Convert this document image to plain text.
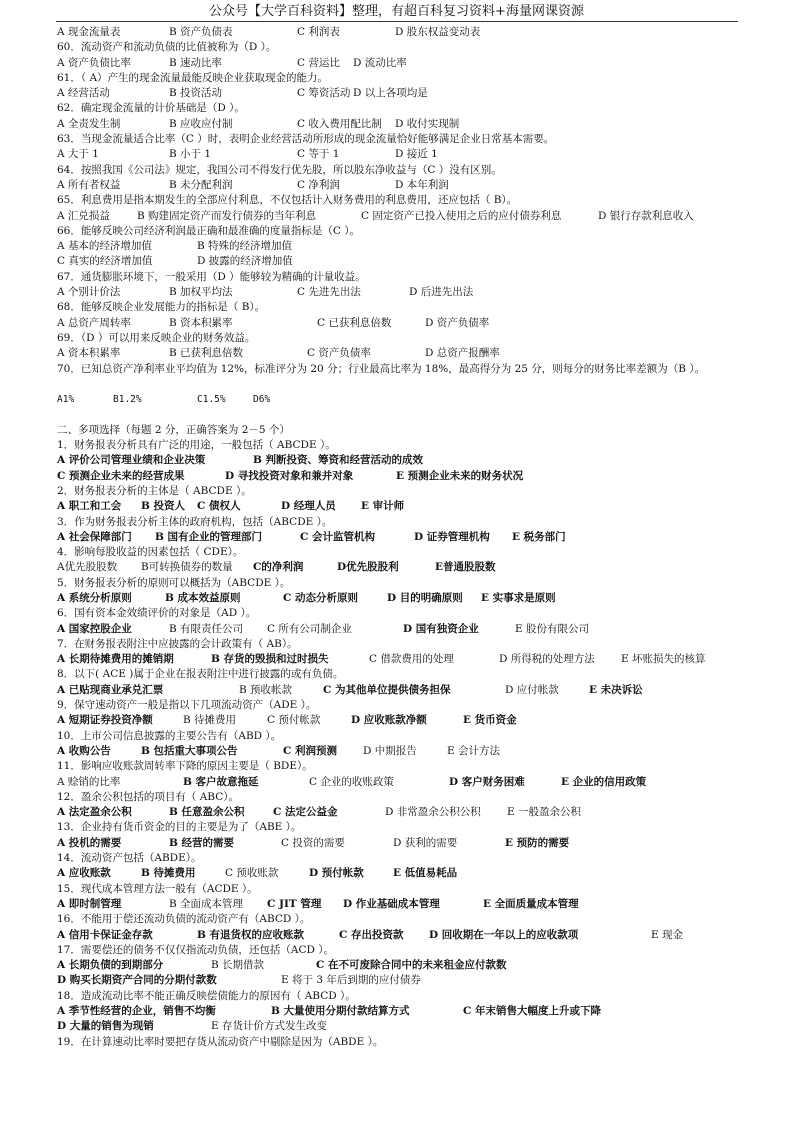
公众号【大学百科资料】整理，有超百科复习资料+海量网课资源
A 现金流量表	B 资产负债表	C 利润表	D 股东权益变动表
60．流动资产和流动负债的比值被称为（D ）。
A 资产负债比率	B 速动比率	C 营运比 D 流动比率
61．（ A）产生的现金流量最能反映企业获取现金的能力。
A 经营活动	B 投资活动	C 筹资活动 D 以上各项均是
62．确定现金流量的计价基础是（D ）。
A 全责发生制	B 应收应付制	C 收入费用配比制 D 收付实现制
63．当现金流量适合比率（C ）时，表明企业经营活动所形成的现金流量恰好能够满足企业日常基本需要。
A 大于 1	B 小于 1	C 等于 1	D 接近 1
64．按照我国《公司法》规定，我国公司不得发行优先股，所以股东净收益与（C ）没有区别。
A 所有者权益	B 未分配利润	C 净利润	D 本年利润
65．利息费用是指本期发生的全部应付利息，不仅包括计入财务费用的利息费用，还应包括（ B）。
A 汇兑损益	B 购建固定资产而发行债券的当年利息	C 固定资产已投入使用之后的应付债券利息	D 银行存款利息收入
66．能够反映公司经济利润最正确和最准确的度量指标是（C ）。
A 基本的经济增加值	B 特殊的经济增加值
C 真实的经济增加值	D 披露的经济增加值
67．通货膨胀环境下，一般采用（D ）能够较为精确的计量收益。
A 个别计价法	B 加权平均法	C 先进先出法	D 后进先出法
68．能够反映企业发展能力的指标是（ B）。
A 总资产周转率	B 资本积累率	C 已获利息倍数	D 资产负债率
69．（D ）可以用来反映企业的财务效益。
A 资本积累率	B 已获利息倍数	C 资产负债率	D 总资产报酬率
70．已知总资产净利率业平均值为 12%，标准评分为 20 分；行业最高比率为 18%，最高得分为 25 分，则每分的财务比率差额为（B ）。
A1%	B1.2%	C1.5%	D6%
二、多项选择（每题 2 分，正确答案为 2－5 个）
1．财务报表分析具有广泛的用途，一般包括（ ABCDE ）。
A 评价公司管理业绩和企业决策	B 判断投资、筹资和经营活动的成效
C 预测企业未来的经营成果	D 寻找投资对象和兼并对象	E 预测企业未来的财务状况
2．财务报表分析的主体是（ ABCDE ）。
A 职工和工会 B 投资人 C 债权人	D 经理人员 E 审计师
3．作为财务报表分析主体的政府机构，包括（ABCDE ）。
A 社会保障部门 B 国有企业的管理部门	C 会计监管机构	D 证券管理机构 E 税务部门
4．影响每股收益的因素包括（ CDE）。
A优先股股数 B可转换债券的数量 C的净利润	D优先股股利	E普通股股数
5．财务报表分析的原则可以概括为（ABCDE ）。
A 系统分析原则	B 成本效益原则	C 动态分析原则	D 目的明确原则 E 实事求是原则
6．国有资本金效绩评价的对象是（AD ）。
A 国家控股企业	B 有限责任公司 C 所有公司制企业	D 国有独资企业	E 股份有限公司
7．在财务报表附注中应披露的会计政策有（ AB）。
A 长期待摊费用的摊销期	B 存货的毁损和过时损失	C 借款费用的处理	D 所得税的处理方法 E 坏账损失的核算
8．以下( ACE )属于企业在报表附注中进行披露的或有负债。
A 已贴现商业承兑汇票	B 预收帐款	C 为其他单位提供债务担保	D 应付帐款	E 未决诉讼
9．保守速动资产一般是指以下几项流动资产（ADE ）。
A 短期证券投资净额	B 待摊费用	C 预付帐款	D 应收账款净额	E 货币资金
10．上市公司信息披露的主要公告有（ABD ）。
A 收购公告	B 包括重大事项公告	C 利润预测 D 中期报告	E 会计方法
11．影响应收账款周转率下降的原因主要是（ BDE）。
A 赊销的比率	B 客户故意拖延	C 企业的收账政策	D 客户财务困难	E 企业的信用政策
12．盈余公积包括的项目有（ ABC）。
A 法定盈余公积	B 任意盈余公积	C 法定公益金	D 非常盈余公积公积 E 一般盈余公积
13．企业持有货币资金的目的主要是为了（ABE ）。
A 投机的需要	B 经营的需要	C 投资的需要	D 获利的需要	E 预防的需要
14．流动资产包括（ABDE）。
A 应收账款	B 待摊费用	C 预收账款	D 预付帐款	E 低值易耗品
15．现代成本管理方法一般有（ACDE ）。
A 即时制管理	B 全面成本管理 C JIT 管理 D 作业基础成本管理	E 全面质量成本管理
16．不能用于偿还流动负债的流动资产有（ABCD ）。
A 信用卡保证金存款	B 有退货权的应收账款	C 存出投资款 D 回收期在一年以上的应收款项	E 现金
17．需要偿还的债务不仅仅指流动负债，还包括（ACD ）。
A 长期负债的到期部分	B 长期借款	C 在不可废除合同中的未来租金应付款数
D 购买长期资产合同的分期付款数	E 将于 3 年后到期的应付债券
18．造成流动比率不能正确反映偿债能力的原因有（ ABCD ）。
A 季节性经营的企业，销售不均衡	B 大量使用分期付款结算方式	C 年末销售大幅度上升或下降
D 大量的销售为现销	E 存货计价方式发生改变
19．在计算速动比率时要把存货从流动资产中剔除是因为（ABDE ）。
